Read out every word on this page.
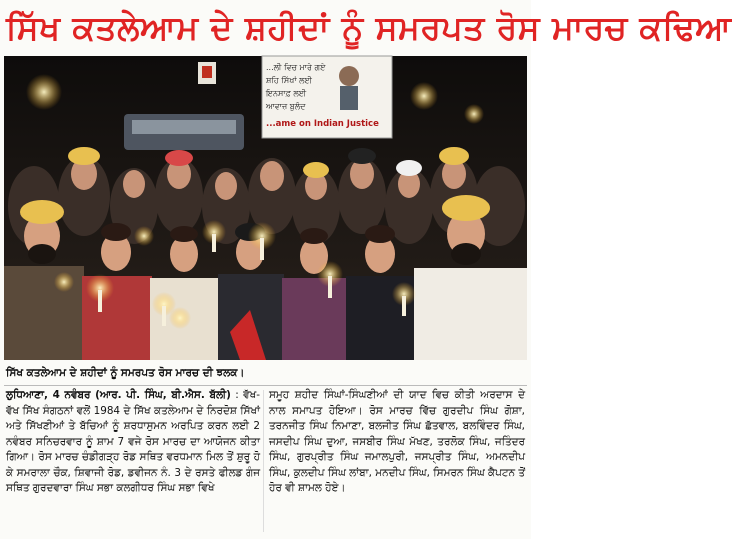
ਸਿੱਖ ਕਤਲੇਆਮ ਦੇ ਸ਼ਹੀਦਾਂ ਨੂੰ ਸਮਰਪਤ ਰੋਸ ਮਾਰਚ ਕਢਿਆ
...ਲੀ ਵਿਚ ਮਾਰੇ ਗਏ
ਸ਼ਹਿ ਸਿੱਖਾਂ ਲਈ
ਇਨਸਾਫ਼ ਲਈ
ਆਵਾਜ਼ ਬੁਲੰਦ
...ame on Indian Justice
ਸਿੱਖ ਕਤਲੇਆਮ ਦੇ ਸ਼ਹੀਦਾਂ ਨੂੰ ਸਮਰਪਤ ਰੋਸ ਮਾਰਚ ਦੀ ਝਲਕ।
ਲੁਧਿਆਣਾ, 4 ਨਵੰਬਰ (ਆਰ. ਪੀ. ਸਿੰਘ, ਬੀ.ਐਸ. ਬੱਲੀ) : ਵੱਖ-ਵੱਖ ਸਿੱਖ ਸੰਗਠਨਾਂ ਵਲੋਂ 1984 ਦੇ ਸਿੱਖ ਕਤਲੇਆਮ ਦੇ ਨਿਰਦੋਸ਼ ਸਿੱਖਾਂ ਅਤੇ ਸਿੱਖਣੀਆਂ ਤੇ ਬੱਚਿਆਂ ਨੂੰ ਸ਼ਰਧਾਸੁਮਨ ਅਰਪਿਤ ਕਰਨ ਲਈ 2 ਨਵੰਬਰ ਸਨਿਚਰਵਾਰ ਨੂੰ ਸ਼ਾਮ 7 ਵਜੇ ਰੋਸ ਮਾਰਚ ਦਾ ਆਯੋਜਨ ਕੀਤਾ ਗਿਆ। ਰੋਸ ਮਾਰਚ ਚੰਡੀਗੜ੍ਹ ਰੋਡ ਸਥਿਤ ਵਰਧਮਾਨ ਮਿਲ ਤੋਂ ਸ਼ੁਰੂ ਹੋ ਕੇ ਸਮਰਾਲਾ ਚੌਕ, ਸ਼ਿਵਾਜੀ ਰੋਡ, ਡਵੀਜਨ ਨੰ. 3 ਦੇ ਰਸਤੇ ਫੀਲਡ ਗੰਜ ਸਥਿਤ ਗੁਰਦਵਾਰਾ ਸਿੰਘ ਸਭਾ ਕਲਗੀਧਰ ਸਿੰਘ ਸਭਾ ਵਿਖੇ
ਸਮੂਹ ਸ਼ਹੀਦ ਸਿੰਘਾਂ-ਸਿੰਘਣੀਆਂ ਦੀ ਯਾਦ ਵਿਚ ਕੀਤੀ ਅਰਦਾਸ ਦੇ ਨਾਲ ਸਮਾਪਤ ਹੋਇਆ। ਰੋਸ ਮਾਰਚ ਵਿੱਚ ਗੁਰਦੀਪ ਸਿੰਘ ਗੋਸ਼ਾ, ਤਰਨਜੀਤ ਸਿੰਘ ਨਿਮਾਣਾ, ਬਲਜੀਤ ਸਿੰਘ ਛੱਤਵਾਲ, ਬਲਵਿੰਦਰ ਸਿੰਘ, ਜਸਦੀਪ ਸਿੰਘ ਦੁਆ, ਜਸਬੀਰ ਸਿੰਘ ਮੱਖਣ, ਤਰਲੋਕ ਸਿੰਘ, ਜਤਿੰਦਰ ਸਿੰਘ, ਗੁਰਪ੍ਰੀਤ ਸਿੰਘ ਜਮਾਲਪੁਰੀ, ਜਸਪ੍ਰੀਤ ਸਿੰਘ, ਅਮਨਦੀਪ ਸਿੰਘ, ਕੁਲਦੀਪ ਸਿੰਘ ਲਾਂਬਾ, ਮਨਦੀਪ ਸਿੰਘ, ਸਿਮਰਨ ਸਿੰਘ ਕੈਪਟਨ ਤੋਂ ਹੋਰ ਵੀ ਸ਼ਾਮਲ ਹੋਏ।
